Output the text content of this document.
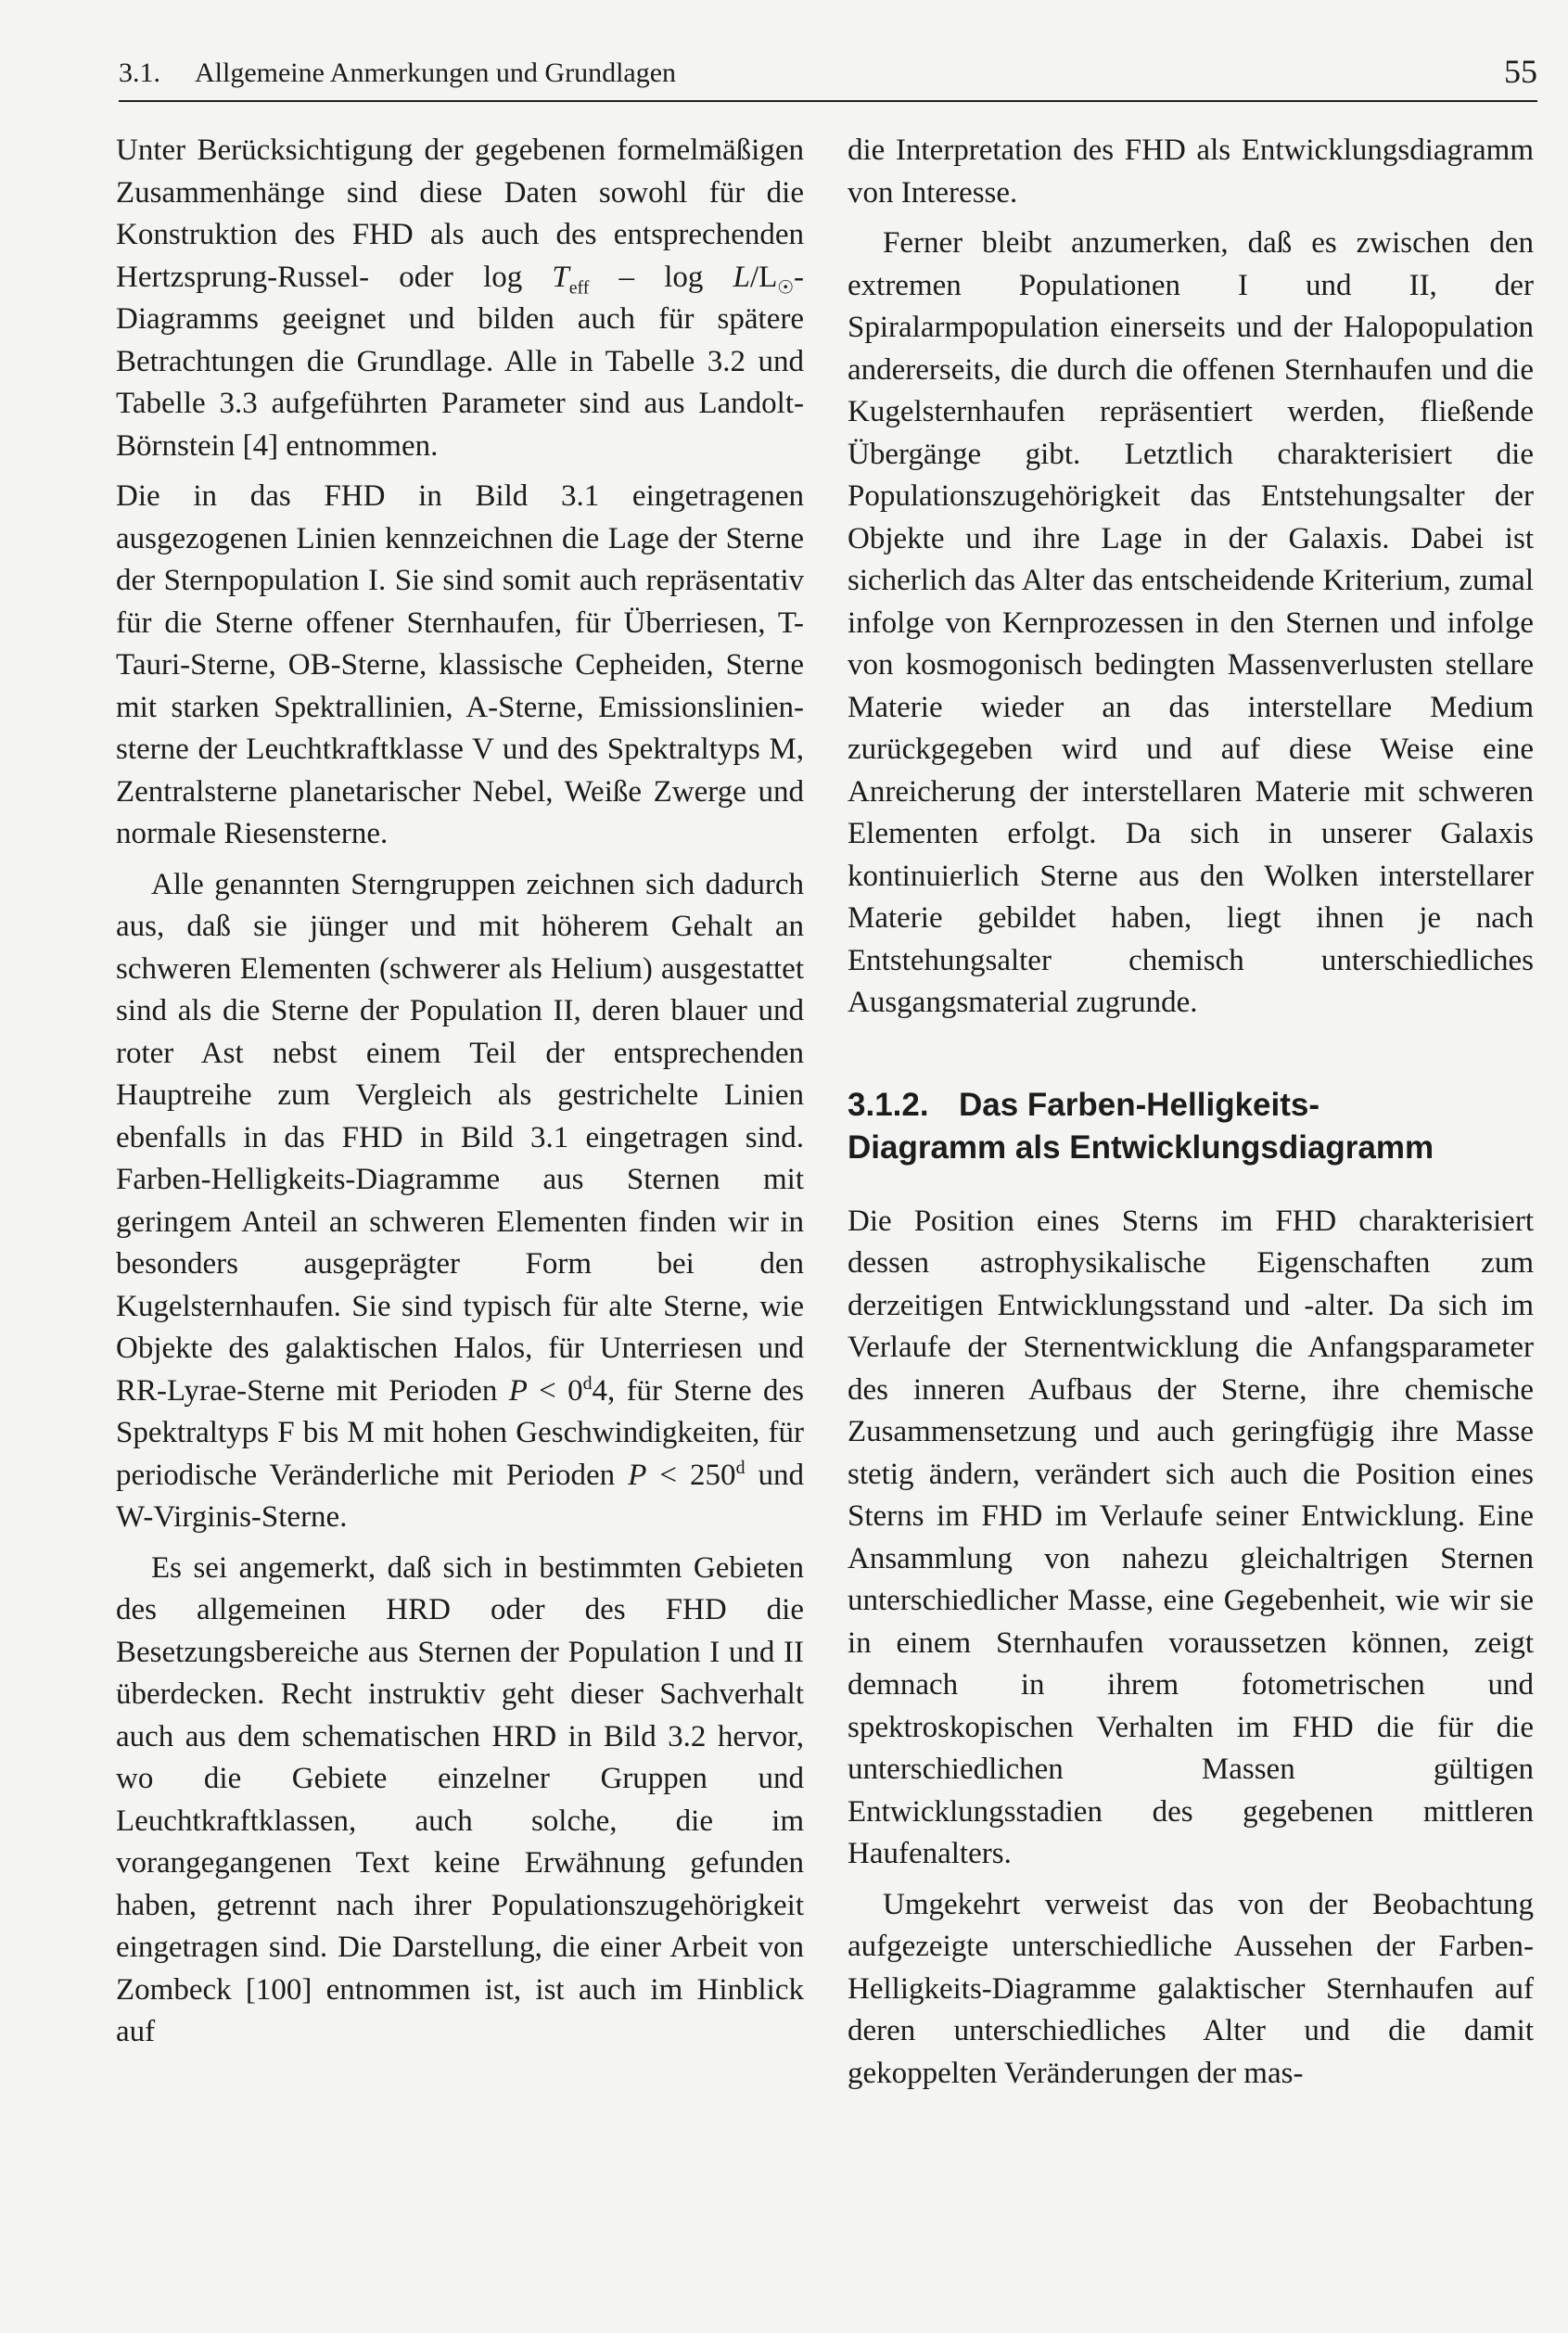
3.1. Allgemeine Anmerkungen und Grundlagen	55

Unter Berücksichtigung der gegebenen formelmäßigen Zusammenhänge sind diese Daten sowohl für die Konstruktion des FHD als auch des entsprechenden Hertzsprung-Russel- oder $\log T_{eff}$ – $\log L/L_☉$-Diagramms geeignet und bilden auch für spätere Betrachtungen die Grundlage. Alle in Tabelle 3.2 und Tabelle 3.3 aufgeführten Parameter sind aus Landolt-Börnstein [4] entnommen.

Die in das FHD in Bild 3.1 eingetragenen ausgezogenen Linien kennzeichnen die Lage der Sterne der Sternpopulation I. Sie sind somit auch repräsentativ für die Sterne offener Sternhaufen, für Überriesen, T-Tauri-Sterne, OB-Sterne, klassische Cepheiden, Sterne mit starken Spektrallinien, A-Sterne, Emissionslinien-sterne der Leuchtkraftklasse V und des Spektraltyps M, Zentralsterne planetarischer Nebel, Weiße Zwerge und normale Riesensterne.

Alle genannten Sterngruppen zeichnen sich dadurch aus, daß sie jünger und mit höherem Gehalt an schweren Elementen (schwerer als Helium) ausgestattet sind als die Sterne der Population II, deren blauer und roter Ast nebst einem Teil der entsprechenden Hauptreihe zum Vergleich als gestrichelte Linien ebenfalls in das FHD in Bild 3.1 eingetragen sind. Farben-Helligkeits-Diagramme aus Sternen mit geringem Anteil an schweren Elementen finden wir in besonders ausgeprägter Form bei den Kugelsternhaufen. Sie sind typisch für alte Sterne, wie Objekte des galaktischen Halos, für Unterriesen und RR-Lyrae-Sterne mit Perioden $P < 0^d4$, für Sterne des Spektraltyps F bis M mit hohen Geschwindigkeiten, für periodische Veränderliche mit Perioden $P < 250^d$ und W-Virginis-Sterne.

Es sei angemerkt, daß sich in bestimmten Gebieten des allgemeinen HRD oder des FHD die Besetzungsbereiche aus Sternen der Population I und II überdecken. Recht instruktiv geht dieser Sachverhalt auch aus dem schematischen HRD in Bild 3.2 hervor, wo die Gebiete einzelner Gruppen und Leuchtkraftklassen, auch solche, die im vorangegangenen Text keine Erwähnung gefunden haben, getrennt nach ihrer Populationszugehörigkeit eingetragen sind. Die Darstellung, die einer Arbeit von Zombeck [100] entnommen ist, ist auch im Hinblick auf

die Interpretation des FHD als Entwicklungsdiagramm von Interesse.

Ferner bleibt anzumerken, daß es zwischen den extremen Populationen I und II, der Spiralarmpopulation einerseits und der Halopopulation andererseits, die durch die offenen Sternhaufen und die Kugelsternhaufen repräsentiert werden, fließende Übergänge gibt. Letztlich charakterisiert die Populationszugehörigkeit das Entstehungsalter der Objekte und ihre Lage in der Galaxis. Dabei ist sicherlich das Alter das entscheidende Kriterium, zumal infolge von Kernprozessen in den Sternen und infolge von kosmogonisch bedingten Massenverlusten stellare Materie wieder an das interstellare Medium zurückgegeben wird und auf diese Weise eine Anreicherung der interstellaren Materie mit schweren Elementen erfolgt. Da sich in unserer Galaxis kontinuierlich Sterne aus den Wolken interstellarer Materie gebildet haben, liegt ihnen je nach Entstehungsalter chemisch unterschiedliches Ausgangsmaterial zugrunde.

3.1.2. Das Farben-Helligkeits-
Diagramm als Entwicklungsdiagramm

Die Position eines Sterns im FHD charakterisiert dessen astrophysikalische Eigenschaften zum derzeitigen Entwicklungsstand und -alter. Da sich im Verlaufe der Sternentwicklung die Anfangsparameter des inneren Aufbaus der Sterne, ihre chemische Zusammensetzung und auch geringfügig ihre Masse stetig ändern, verändert sich auch die Position eines Sterns im FHD im Verlaufe seiner Entwicklung. Eine Ansammlung von nahezu gleichaltrigen Sternen unterschiedlicher Masse, eine Gegebenheit, wie wir sie in einem Sternhaufen voraussetzen können, zeigt demnach in ihrem fotometrischen und spektroskopischen Verhalten im FHD die für die unterschiedlichen Massen gültigen Entwicklungsstadien des gegebenen mittleren Haufenalters.

Umgekehrt verweist das von der Beobachtung aufgezeigte unterschiedliche Aussehen der Farben-Helligkeits-Diagramme galaktischer Sternhaufen auf deren unterschiedliches Alter und die damit gekoppelten Veränderungen der mas-
